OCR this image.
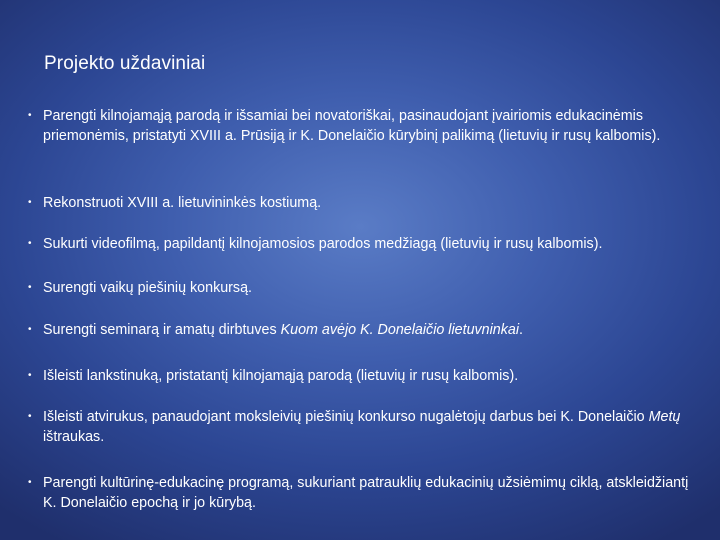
Projekto uždaviniai
• Parengti kilnojamąją parodą ir išsamiai bei novatoriškai, pasinaudojant įvairiomis edukacinėmis priemonėmis, pristatyti XVIII a. Prūsiją ir K. Donelaičio kūrybinį palikimą (lietuvių ir rusų kalbomis).
• Rekonstruoti XVIII a. lietuvininkės kostiumą.
• Sukurti videofilmą, papildantį kilnojamosios parodos medžiagą (lietuvių ir rusų kalbomis).
• Surengti vaikų piešinių konkursą.
• Surengti seminarą ir amatų dirbtuves Kuom avėjo K. Donelaičio lietuvninkai.
• Išleisti lankstinuką, pristatantį kilnojamąją parodą (lietuvių ir rusų kalbomis).
• Išleisti atvirukus, panaudojant moksleivių piešinių konkurso nugalėtojų darbus bei K. Donelaičio Metų ištraukas.
• Parengti kultūrinę-edukacinę programą, sukuriant patrauklių edukacinių užsiėmimų ciklą, atskleidžiantį K. Donelaičio epochą ir jo kūrybą.
